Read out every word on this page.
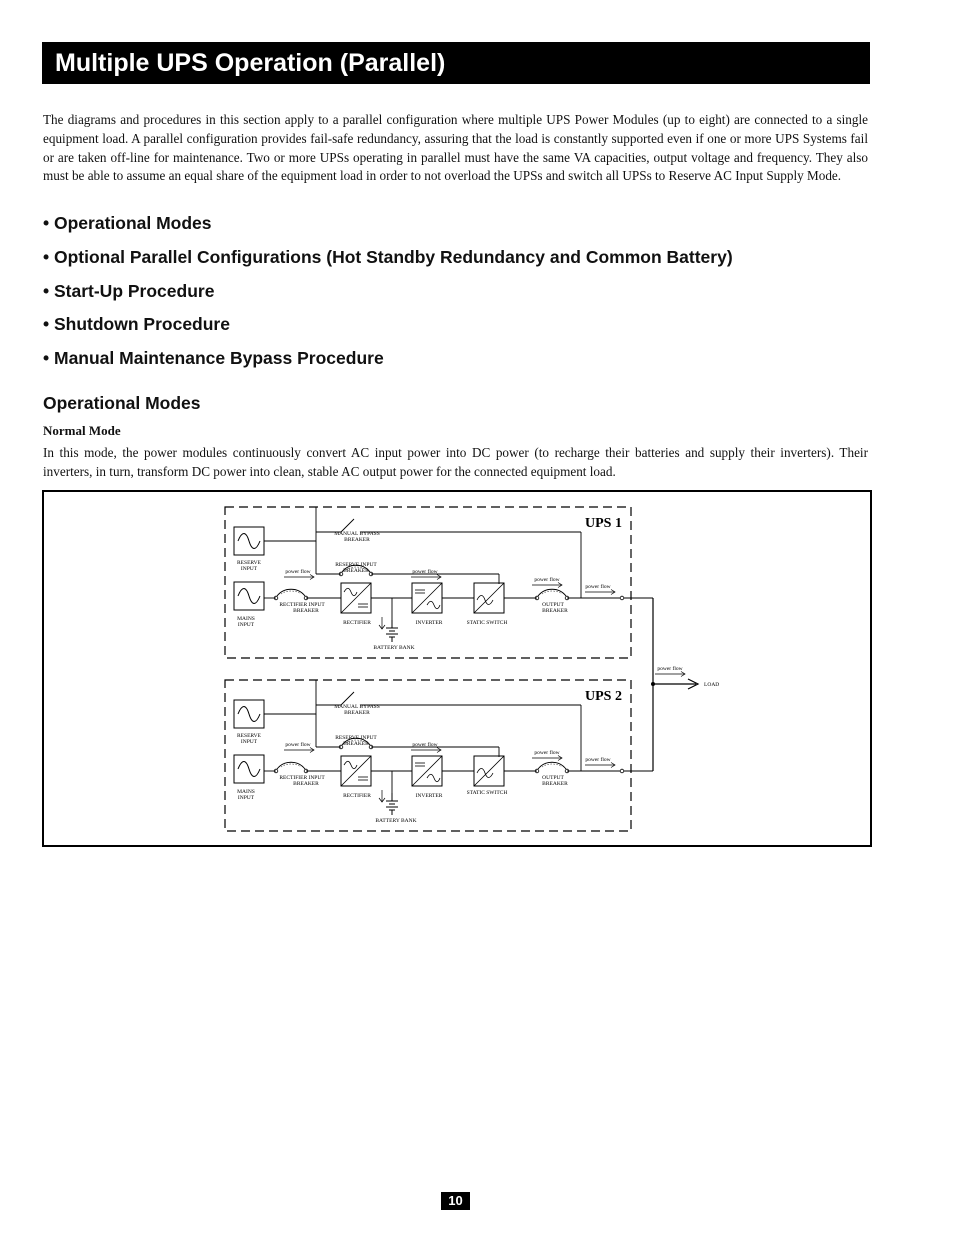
Multiple UPS Operation (Parallel)

The diagrams and procedures in this section apply to a parallel configuration where multiple UPS Power Modules (up to eight) are connected to a single equipment load. A parallel configuration provides fail-safe redundancy, assuring that the load is constantly supported even if one or more UPS Systems fail or are taken off-line for maintenance. Two or more UPSs operating in parallel must have the same VA capacities, output voltage and frequency. They also must be able to assume an equal share of the equipment load in order to not overload the UPSs and switch all UPSs to Reserve AC Input Supply Mode.

• Operational Modes
• Optional Parallel Configurations (Hot Standby Redundancy and Common Battery)
• Start-Up Procedure
• Shutdown Procedure
• Manual Maintenance Bypass Procedure
Operational Modes
Normal Mode

In this mode, the power modules continuously convert AC input power into DC power (to recharge their batteries and supply their inverters). Their inverters, in turn, transform DC power into clean, stable AC output power for the connected equipment load.

UPS 1
RESERVE
INPUT
MAINS
INPUT
MANUAL BYPASS
BREAKER
RESERVE INPUT
BREAKER
RECTIFIER INPUT
BREAKER
RECTIFIER	INVERTER	STATIC SWITCH
BATTERY BANK
OUTPUT
BREAKER
power flow	power flow
power flow
power flow
UPS 2
RESERVE
INPUT
MAINS
INPUT
MANUAL BYPASS
BREAKER
RESERVE INPUT
BREAKER
RECTIFIER INPUT
BREAKER
RECTIFIER	INVERTER	STATIC SWITCH
BATTERY BANK
OUTPUT
BREAKER
power flow	power flow
power flow
power flow
power flow
LOAD
10
